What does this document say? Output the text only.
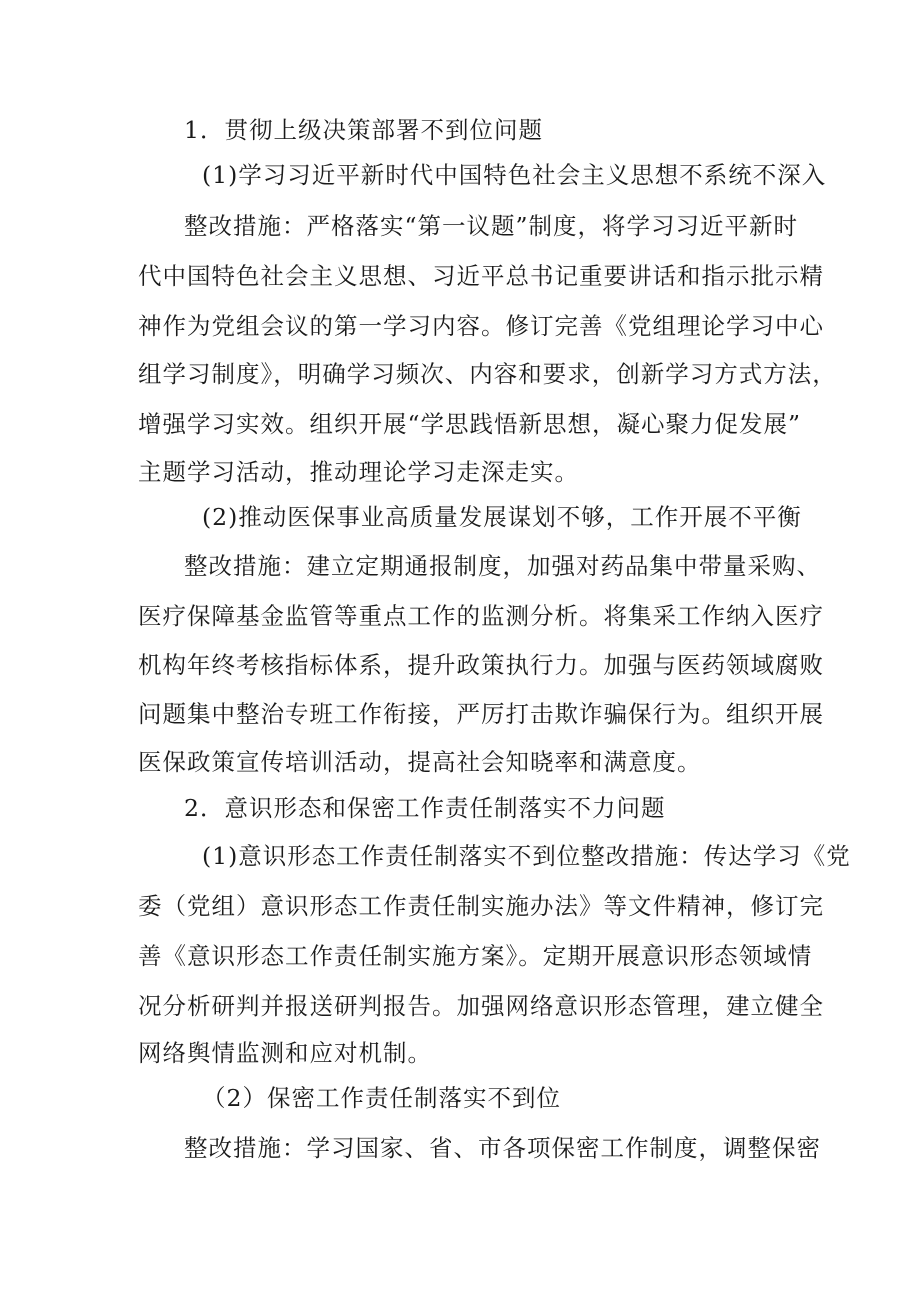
1．贯彻上级决策部署不到位问题
(1)学习习近平新时代中国特色社会主义思想不系统不深入
整改措施：严格落实“第一议题”制度，将学习习近平新时
代中国特色社会主义思想、习近平总书记重要讲话和指示批示精
神作为党组会议的第一学习内容。修订完善《党组理论学习中心
组学习制度》，明确学习频次、内容和要求，创新学习方式方法，
增强学习实效。组织开展“学思践悟新思想，凝心聚力促发展”
主题学习活动，推动理论学习走深走实。
(2)推动医保事业高质量发展谋划不够，工作开展不平衡
整改措施：建立定期通报制度，加强对药品集中带量采购、
医疗保障基金监管等重点工作的监测分析。将集采工作纳入医疗
机构年终考核指标体系，提升政策执行力。加强与医药领域腐败
问题集中整治专班工作衔接，严厉打击欺诈骗保行为。组织开展
医保政策宣传培训活动，提高社会知晓率和满意度。
2．意识形态和保密工作责任制落实不力问题
(1)意识形态工作责任制落实不到位整改措施：传达学习《党
委（党组）意识形态工作责任制实施办法》等文件精神，修订完
善《意识形态工作责任制实施方案》。定期开展意识形态领域情
况分析研判并报送研判报告。加强网络意识形态管理，建立健全
网络舆情监测和应对机制。
（2）保密工作责任制落实不到位
整改措施：学习国家、省、市各项保密工作制度，调整保密
